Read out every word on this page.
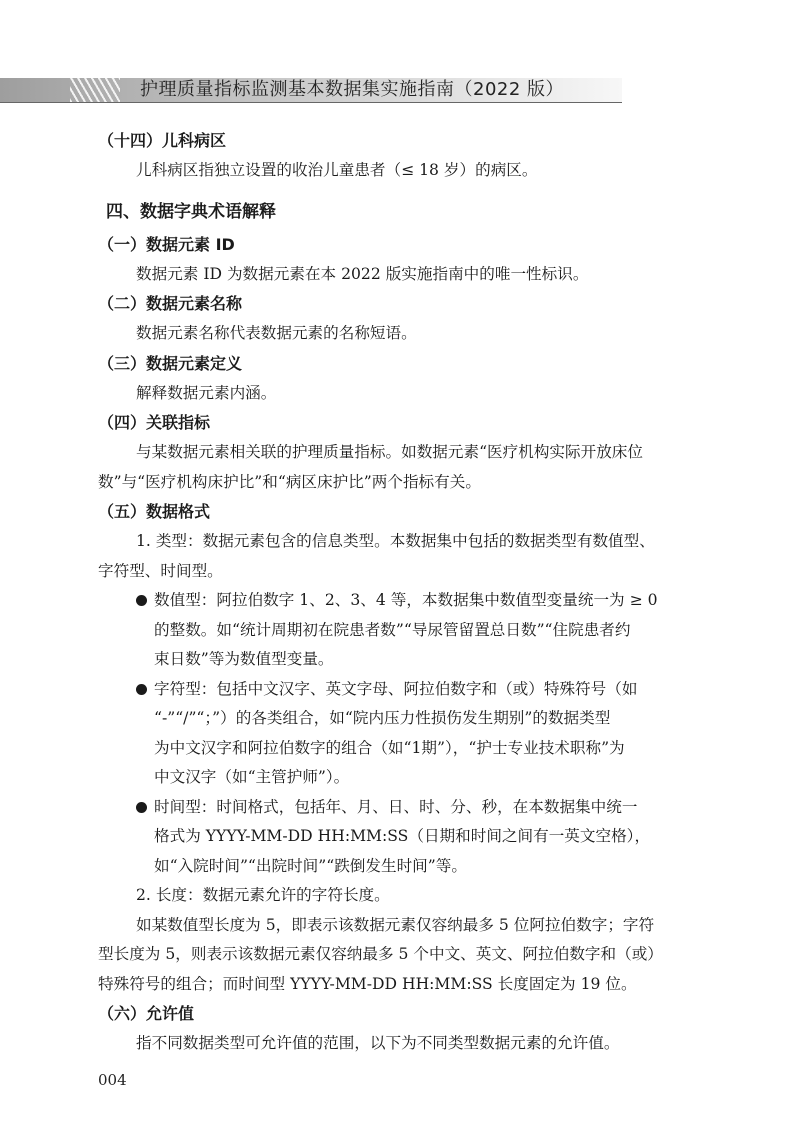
护理质量指标监测基本数据集实施指南（2022 版）

（十四）儿科病区

儿科病区指独立设置的收治儿童患者（≤ 18 岁）的病区。

四、数据字典术语解释

（一）数据元素 ID

数据元素 ID 为数据元素在本 2022 版实施指南中的唯一性标识。

（二）数据元素名称

数据元素名称代表数据元素的名称短语。

（三）数据元素定义

解释数据元素内涵。

（四）关联指标

与某数据元素相关联的护理质量指标。如数据元素“医疗机构实际开放床位

数”与“医疗机构床护比”和“病区床护比”两个指标有关。

（五）数据格式

1. 类型：数据元素包含的信息类型。本数据集中包括的数据类型有数值型、

字符型、时间型。

数值型：阿拉伯数字 1、2、3、4 等，本数据集中数值型变量统一为 ≥ 0

的整数。如“统计周期初在院患者数”“导尿管留置总日数”“住院患者约

束日数”等为数值型变量。

字符型：包括中文汉字、英文字母、阿拉伯数字和（或）特殊符号（如

“-”“/”“；”）的各类组合，如“院内压力性损伤发生期别”的数据类型

为中文汉字和阿拉伯数字的组合（如“1期”），“护士专业技术职称”为

中文汉字（如“主管护师”）。

时间型：时间格式，包括年、月、日、时、分、秒，在本数据集中统一

格式为 YYYY-MM-DD HH:MM:SS（日期和时间之间有一英文空格），

如“入院时间”“出院时间”“跌倒发生时间”等。

2. 长度：数据元素允许的字符长度。

如某数值型长度为 5，即表示该数据元素仅容纳最多 5 位阿拉伯数字；字符

型长度为 5，则表示该数据元素仅容纳最多 5 个中文、英文、阿拉伯数字和（或）

特殊符号的组合；而时间型 YYYY-MM-DD HH:MM:SS 长度固定为 19 位。

（六）允许值

指不同数据类型可允许值的范围，以下为不同类型数据元素的允许值。

004
